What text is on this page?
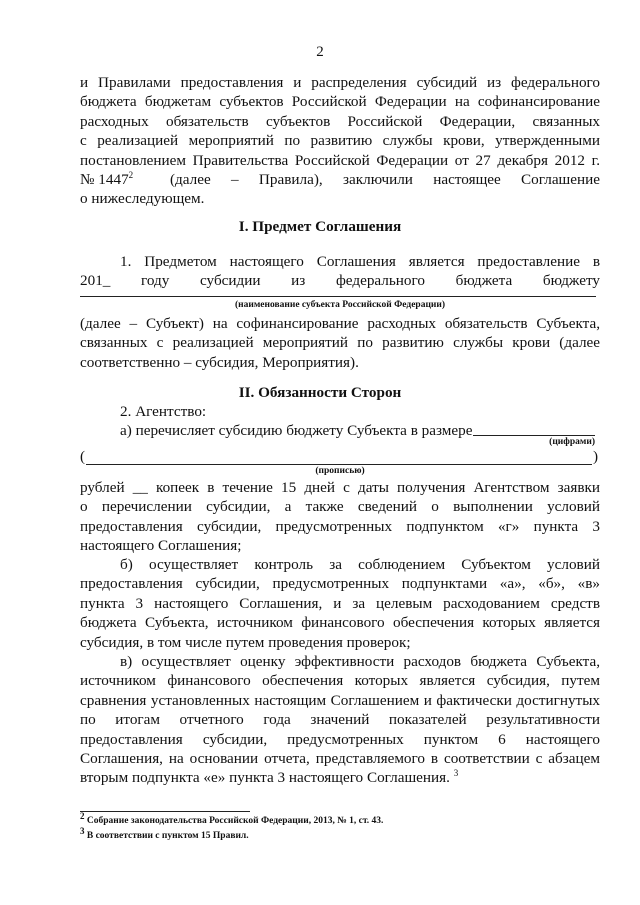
2
и Правилами предоставления и распределения субсидий из федерального
бюджета бюджетам субъектов Российской Федерации на софинансирование
расходных обязательств субъектов Российской Федерации, связанных
с реализацией мероприятий по развитию службы крови, утвержденными
постановлением Правительства Российской Федерации от 27 декабря 2012 г.
№ 1447$^2$ (далее – Правила), заключили настоящее Соглашение
о нижеследующем.
I. Предмет Соглашения
1. Предметом настоящего Соглашения является предоставление в
201_ году субсидии из федерального бюджета бюджету
(наименование субъекта Российской Федерации)
(далее – Субъект) на софинансирование расходных обязательств Субъекта,
связанных с реализацией мероприятий по развитию службы крови (далее
соответственно – субсидия, Мероприятия).
II. Обязанности Сторон
2. Агентство:
а) перечисляет субсидию бюджету Субъекта в размере
(цифрами)
(	)
(прописью)
рублей __ копеек в течение 15 дней с даты получения Агентством заявки
о перечислении субсидии, а также сведений о выполнении условий
предоставления субсидии, предусмотренных подпунктом «г» пункта 3
настоящего Соглашения;
б) осуществляет контроль за соблюдением Субъектом условий
предоставления субсидии, предусмотренных подпунктами «а», «б», «в»
пункта 3 настоящего Соглашения, и за целевым расходованием средств
бюджета Субъекта, источником финансового обеспечения которых является
субсидия, в том числе путем проведения проверок;
в) осуществляет оценку эффективности расходов бюджета Субъекта,
источником финансового обеспечения которых является субсидия, путем
сравнения установленных настоящим Соглашением и фактически достигнутых
по итогам отчетного года значений показателей результативности
предоставления субсидии, предусмотренных пунктом 6 настоящего
Соглашения, на основании отчета, представляемого в соответствии с абзацем
вторым подпункта «е» пункта 3 настоящего Соглашения. $^3$
$^2$ Собрание законодательства Российской Федерации, 2013, № 1, ст. 43.
$^3$ В соответствии с пунктом 15 Правил.
